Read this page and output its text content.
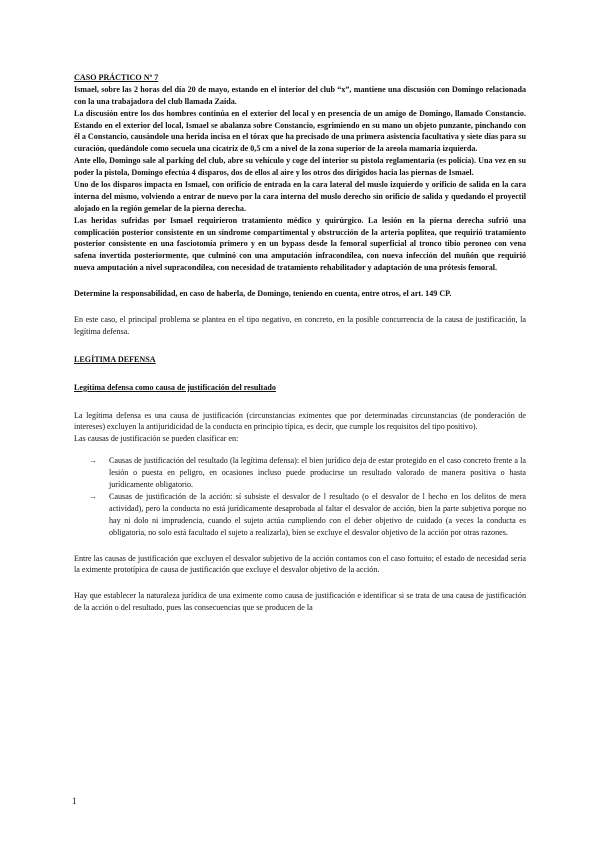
CASO PRÁCTICO Nº 7

Ismael, sobre las 2 horas del día 20 de mayo, estando en el interior del club “x”, mantiene una discusión con Domingo relacionada con la una trabajadora del club llamada Zaida.

La discusión entre los dos hombres continúa en el exterior del local y en presencia de un amigo de Domingo, llamado Constancio. Estando en el exterior del local, Ismael se abalanza sobre Constancio, esgrimiendo en su mano un objeto punzante, pinchando con él a Constancio, causándole una herida incisa en el tórax que ha precisado de una primera asistencia facultativa y siete días para su curación, quedándole como secuela una cicatriz de 0,5 cm a nivel de la zona superior de la areola mamaria izquierda.

Ante ello, Domingo sale al parking del club, abre su vehículo y coge del interior su pistola reglamentaria (es policía). Una vez en su poder la pistola, Domingo efectúa 4 disparos, dos de ellos al aire y los otros dos dirigidos hacia las piernas de Ismael.

Uno de los disparos impacta en Ismael, con orificio de entrada en la cara lateral del muslo izquierdo y orificio de salida en la cara interna del mismo, volviendo a entrar de nuevo por la cara interna del muslo derecho sin orificio de salida y quedando el proyectil alojado en la región gemelar de la pierna derecha.

Las heridas sufridas por Ismael requirieron tratamiento médico y quirúrgico. La lesión en la pierna derecha sufrió una complicación posterior consistente en un síndrome compartimental y obstrucción de la arteria poplítea, que requirió tratamiento posterior consistente en una fasciotomía primero y en un bypass desde la femoral superficial al tronco tibio peroneo con vena safena invertida posteriormente, que culminó con una amputación infracondílea, con nueva infección del muñón que requirió nueva amputación a nivel supracondílea, con necesidad de tratamiento rehabilitador y adaptación de una prótesis femoral.

Determine la responsabilidad, en caso de haberla, de Domingo, teniendo en cuenta, entre otros, el art. 149 CP.

En este caso, el principal problema se plantea en el tipo negativo, en concreto, en la posible concurrencia de la causa de justificación, la legítima defensa.

LEGÍTIMA DEFENSA

Legítima defensa como causa de justificación del resultado

La legítima defensa es una causa de justificación (circunstancias eximentes que por determinadas circunstancias (de ponderación de intereses) excluyen la antijuridicidad de la conducta en principio típica, es decir, que cumple los requisitos del tipo positivo).

Las causas de justificación se pueden clasificar en:

→ Causas de justificación del resultado (la legítima defensa): el bien jurídico deja de estar protegido en el caso concreto frente a la lesión o puesta en peligro, en ocasiones incluso puede producirse un resultado valorado de manera positiva o hasta jurídicamente obligatorio.
→ Causas de justificación de la acción: sí subsiste el desvalor de l resultado (o el desvalor de l hecho en los delitos de mera actividad), pero la conducta no está jurídicamente desaprobada al faltar el desvalor de acción, bien la parte subjetiva porque no hay ni dolo ni imprudencia, cuando el sujeto actúa cumpliendo con el deber objetivo de cuidado (a veces la conducta es obligatoria, no solo está facultado el sujeto a realizarla), bien se excluye el desvalor objetivo de la acción por otras razones.

Entre las causas de justificación que excluyen el desvalor subjetivo de la acción contamos con el caso fortuito; el estado de necesidad sería la eximente prototípica de causa de justificación que excluye el desvalor objetivo de la acción.

Hay que establecer la naturaleza jurídica de una eximente como causa de justificación e identificar si se trata de una causa de justificación de la acción o del resultado, pues las consecuencias que se producen de la

1
